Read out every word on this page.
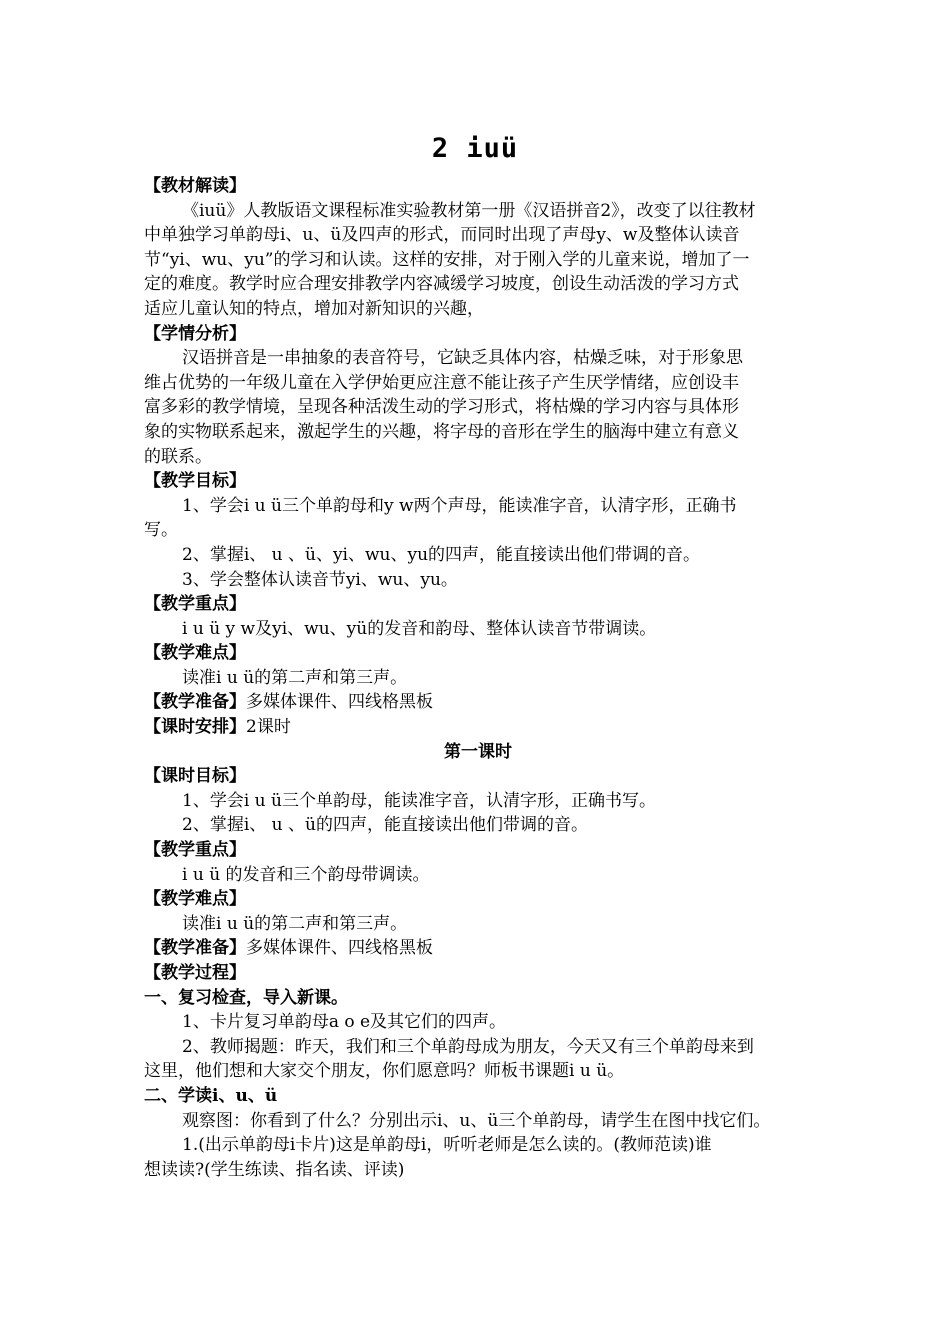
2 iuü
【教材解读】
《iuü》人教版语文课程标准实验教材第一册《汉语拼音2》，改变了以往教材
中单独学习单韵母i、u、ü及四声的形式，而同时出现了声母y、w及整体认读音
节“yi、wu、yu”的学习和认读。这样的安排，对于刚入学的儿童来说，增加了一
定的难度。教学时应合理安排教学内容减缓学习坡度，创设生动活泼的学习方式
适应儿童认知的特点，增加对新知识的兴趣，
【学情分析】
汉语拼音是一串抽象的表音符号，它缺乏具体内容，枯燥乏味，对于形象思
维占优势的一年级儿童在入学伊始更应注意不能让孩子产生厌学情绪，应创设丰
富多彩的教学情境，呈现各种活泼生动的学习形式，将枯燥的学习内容与具体形
象的实物联系起来，激起学生的兴趣，将字母的音形在学生的脑海中建立有意义
的联系。
【教学目标】
1、学会i u ü三个单韵母和y w两个声母，能读准字音，认清字形，正确书
写。
2、掌握i、 u 、ü、yi、wu、yu的四声，能直接读出他们带调的音。
3、学会整体认读音节yi、wu、yu。
【教学重点】
i u ü y w及yi、wu、yü的发音和韵母、整体认读音节带调读。
【教学难点】
读准i u ü的第二声和第三声。
【教学准备】多媒体课件、四线格黑板
【课时安排】2课时
第一课时
【课时目标】
1、学会i u ü三个单韵母，能读准字音，认清字形，正确书写。
2、掌握i、 u 、ü的四声，能直接读出他们带调的音。
【教学重点】
i u ü 的发音和三个韵母带调读。
【教学难点】
读准i u ü的第二声和第三声。
【教学准备】多媒体课件、四线格黑板
【教学过程】
一、复习检查，导入新课。
1、卡片复习单韵母a o e及其它们的四声。
2、教师揭题：昨天，我们和三个单韵母成为朋友，今天又有三个单韵母来到
这里，他们想和大家交个朋友，你们愿意吗？师板书课题i u ü。
二、学读i、u、ü
观察图：你看到了什么？分别出示i、u、ü三个单韵母，请学生在图中找它们。
1.(出示单韵母i卡片)这是单韵母i，听听老师是怎么读的。(教师范读)谁
想读读?(学生练读、指名读、评读)
